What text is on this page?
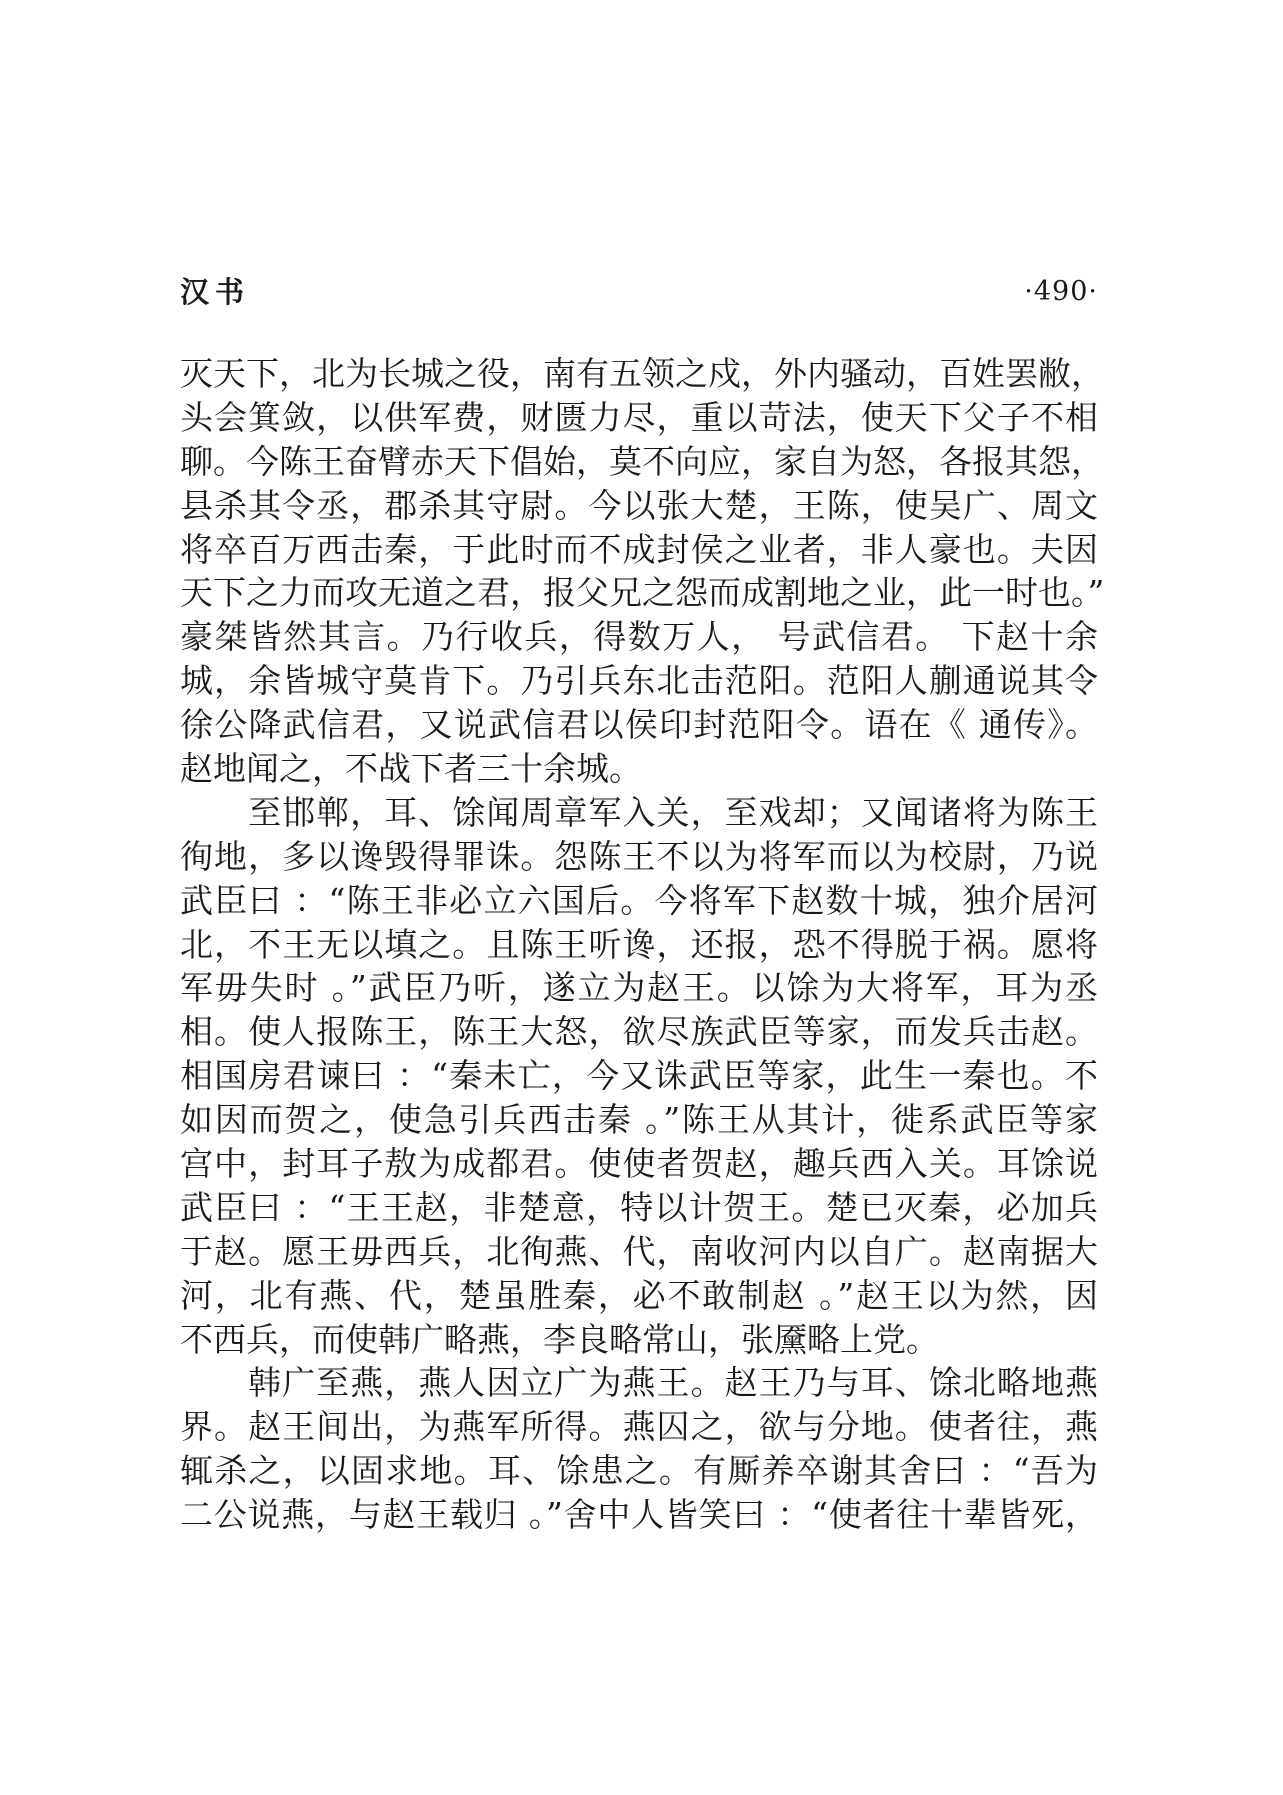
汉书	·490·
灭天下，北为长城之役，南有五领之戍，外内骚动，百姓罢敝，
头会箕敛，以供军费，财匮力尽，重以苛法，使天下父子不相
聊。今陈王奋臂赤天下倡始，莫不向应，家自为怒，各报其怨，
县杀其令丞，郡杀其守尉。今以张大楚，王陈，使吴广、周文
将卒百万西击秦，于此时而不成封侯之业者，非人豪也。夫因
天下之力而攻无道之君，报父兄之怨而成割地之业，此一时也。”
豪桀皆然其言。乃行收兵，得数万人， 号武信君。 下赵十余
城，余皆城守莫肯下。乃引兵东北击范阳。范阳人蒯通说其令
徐公降武信君，又说武信君以侯印封范阳令。语在《 通传》。
赵地闻之，不战下者三十余城。
　　至邯郸，耳、馀闻周章军入关，至戏却；又闻诸将为陈王
徇地，多以谗毁得罪诛。怨陈王不以为将军而以为校尉，乃说
武臣曰 ：“陈王非必立六国后。今将军下赵数十城，独介居河
北，不王无以填之。且陈王听谗，还报，恐不得脱于祸。愿将
军毋失时 。”武臣乃听，遂立为赵王。以馀为大将军，耳为丞
相。使人报陈王，陈王大怒，欲尽族武臣等家，而发兵击赵。
相国房君谏曰 ：“秦未亡，今又诛武臣等家，此生一秦也。不
如因而贺之，使急引兵西击秦 。”陈王从其计，徙系武臣等家
宫中，封耳子敖为成都君。使使者贺赵，趣兵西入关。耳馀说
武臣曰 ：“王王赵，非楚意，特以计贺王。楚已灭秦，必加兵
于赵。愿王毋西兵，北徇燕、代，南收河内以自广。赵南据大
河，北有燕、代，楚虽胜秦，必不敢制赵 。”赵王以为然，因
不西兵，而使韩广略燕，李良略常山，张黡略上党。
　　韩广至燕，燕人因立广为燕王。赵王乃与耳、馀北略地燕
界。赵王间出，为燕军所得。燕囚之，欲与分地。使者往，燕
辄杀之，以固求地。耳、馀患之。有厮养卒谢其舍曰 ：“吾为
二公说燕，与赵王载归 。”舍中人皆笑曰 ：“使者往十辈皆死，
